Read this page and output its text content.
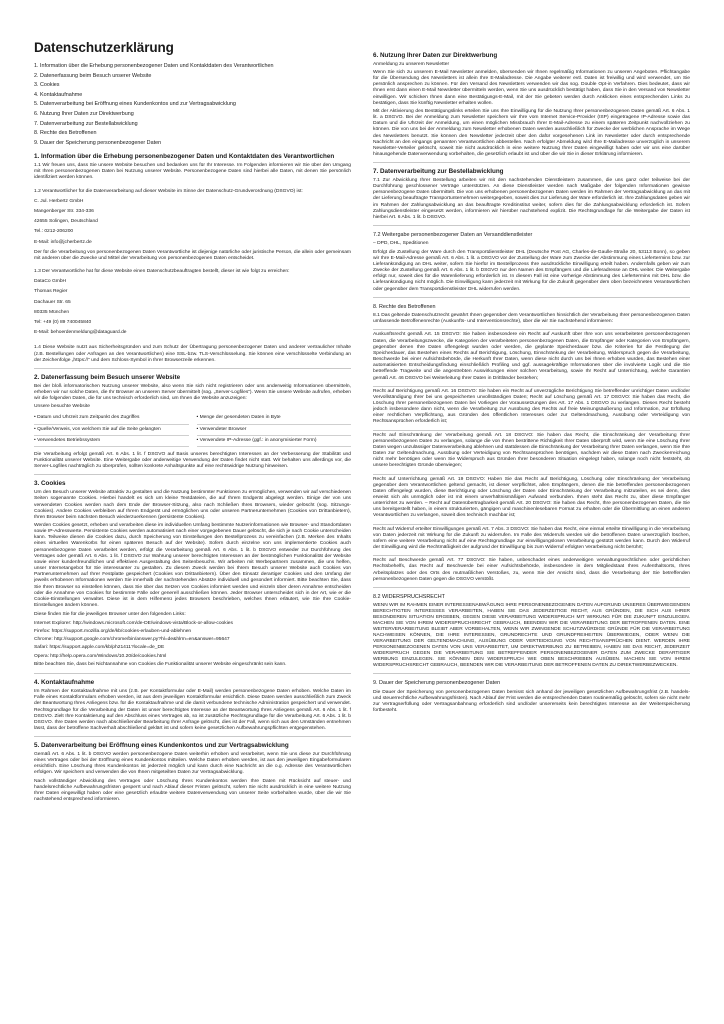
Datenschutzerklärung
1. Information über die Erhebung personenbezogener Daten und Kontaktdaten des Verantwortlichen
2. Datenerfassung beim Besuch unserer Website
3. Cookies
4. Kontaktaufnahme
5. Datenverarbeitung bei Eröffnung eines Kundenkontos und zur Vertragsabwicklung
6. Nutzung Ihrer Daten zur Direktwerbung
7. Datenverarbeitung zur Bestellabwicklung
8. Rechte des Betroffenen
9. Dauer der Speicherung personenbezogener Daten
1. Information über die Erhebung personenbezogener Daten und Kontaktdaten des Verantwortlichen

1.1 Wir freuen uns, dass Sie unsere Website besuchen und bedanken uns für Ihr Interesse. Im Folgenden informieren wir Sie über den Umgang mit Ihren personenbezogenen Daten bei Nutzung unserer Website. Personenbezogene Daten sind hierbei alle Daten, mit denen Sie persönlich identifiziert werden können.

1.2 Verantwortlicher für die Datenverarbeitung auf dieser Website im Sinne der Datenschutz-Grundverordnung (DSGVO) ist:

C. Jul. Herbertz GmbH
Mangenberger Str. 334-336
42655 Solingen, Deutschland
Tel.: 0212-206200
E-Mail: info@jcherbertz.de

Der für die Verarbeitung von personenbezogenen Daten Verantwortliche ist diejenige natürliche oder juristische Person, die allein oder gemeinsam mit anderen über die Zwecke und Mittel der Verarbeitung von personenbezogenen Daten entscheidet.

1.3 Der Verantwortliche hat für diese Website einen Datenschutzbeauftragten bestellt, dieser ist wie folgt zu erreichen:

DataCo GmbH
Thomas Regier
Dachauer Str. 65
80335 München
Tel: +49 (0) 89 740045840
E-Mail: behoerdenmeldung@dataguard.de

1.4 Diese Website nutzt aus Sicherheitsgründen und zum Schutz der Übertragung personenbezogener Daten und anderer vertraulicher Inhalte (z.B. Bestellungen oder Anfragen an den Verantwortlichen) eine SSL-bzw. TLS-Verschlüsselung. Sie können eine verschlüsselte Verbindung an der Zeichenfolge „https://“ und dem Schloss-Symbol in Ihrer Browserzeile erkennen.

2. Datenerfassung beim Besuch unserer Website

Bei der bloß informatorischen Nutzung unserer Website, also wenn Sie sich nicht registrieren oder uns anderweitig Informationen übermitteln, erheben wir nur solche Daten, die Ihr Browser an unseren Server übermittelt (sog. „Server-Logfiles“). Wenn Sie unsere Website aufrufen, erheben wir die folgenden Daten, die für uns technisch erforderlich sind, um Ihnen die Website anzuzeigen:

Unsere besuchte Website

• Datum und Uhrzeit zum Zeitpunkt des Zugriffes	• Menge der gesendeten Daten in Byte
• Quelle/Verweis, von welchem Sie auf die Seite gelangten	• Verwendeter Browser
• Verwendetes Betriebssystem	• Verwendete IP-Adresse (ggf.: in anonymisierter Form)

Die Verarbeitung erfolgt gemäß Art. 6 Abs. 1 lit. f DSGVO auf Basis unseres berechtigten Interesses an der Verbesserung der Stabilität und Funktionalität unserer Website. Eine Weitergabe oder anderweitige Verwendung der Daten findet nicht statt. Wir behalten uns allerdings vor, die Server-Logfiles nachträglich zu überprüfen, sollten konkrete Anhaltspunkte auf eine rechtswidrige Nutzung hinweisen.

3. Cookies

Um den Besuch unserer Website attraktiv zu gestalten und die Nutzung bestimmter Funktionen zu ermöglichen, verwenden wir auf verschiedenen Seiten sogenannte Cookies. Hierbei handelt es sich um kleine Textdateien, die auf Ihrem Endgerät abgelegt werden. Einige der von uns verwendeten Cookies werden nach dem Ende der Browser-Sitzung, also nach Schließen Ihres Browsers, wieder gelöscht (sog. Sitzungs-Cookies). Andere Cookies verbleiben auf Ihrem Endgerät und ermöglichen uns oder unseren Partnerunternehmen (Cookies von Drittanbietern), Ihren Browser beim nächsten Besuch wiederzuerkennen (persistente Cookies).

Werden Cookies gesetzt, erheben und verarbeiten diese im individuellen Umfang bestimmte Nutzerinformationen wie Browser- und Standortdaten sowie IP-Adresswerte. Persistente Cookies werden automatisiert nach einer vorgegebenen Dauer gelöscht, die sich je nach Cookie unterscheiden kann. Teilweise dienen die Cookies dazu, durch Speicherung von Einstellungen den Bestellprozess zu vereinfachen (z.B. Merken des Inhalts eines virtuellen Warenkorbs für einen späteren Besuch auf der Website). Sofern durch einzelne von uns implementierte Cookies auch personenbezogene Daten verarbeitet werden, erfolgt die Verarbeitung gemäß Art. 6 Abs. 1 lit. b DSGVO entweder zur Durchführung des Vertrages oder gemäß Art. 6 Abs. 1 lit. f DSGVO zur Wahrung unserer berechtigten Interessen an der bestmöglichen Funktionalität der Website sowie einer kundenfreundlichen und effektiven Ausgestaltung des Seitenbesuchs. Wir arbeiten mit Werbepartnern zusammen, die uns helfen, unser Internetangebot für Sie interessanter zu gestalten. Zu diesem Zweck werden bei Ihrem Besuch unserer Website auch Cookies von Partnerunternehmen auf Ihrer Festplatte gespeichert (Cookies von Drittanbietern). Über den Einsatz derartiger Cookies und den Umfang der jeweils erhobenen Informationen werden Sie innerhalb der nachstehenden Absätze individuell und gesondert informiert. Bitte beachten Sie, dass Sie Ihren Browser so einstellen können, dass Sie über das Setzen von Cookies informiert werden und einzeln über deren Annahme entscheiden oder die Annahme von Cookies für bestimmte Fälle oder generell ausschließen können. Jeder Browser unterscheidet sich in der Art, wie er die Cookie-Einstellungen verwaltet. Diese ist in dem Hilfemenü jedes Browsers beschrieben, welches Ihnen erläutert, wie Sie Ihre Cookie-Einstellungen ändern können.

Diese finden Sie für die jeweiligen Browser unter den folgenden Links:
Internet Explorer: http://windows.microsoft.com/de-DE/windows-vista/Block-or-allow-cookies
Firefox: https://support.mozilla.org/de/kb/cookies-erlauben-und-ablehnen
Chrome: http://support.google.com/chrome/bin/answer.py?hl=de&hlrm=en&answer=95647
Safari: https://support.apple.com/kb/ph21411?locale=de_DE
Opera: http://help.opera.com/Windows/10.20/de/cookies.html
Bitte beachten Sie, dass bei Nichtannahme von Cookies die Funktionalität unserer Website eingeschränkt sein kann.
4. Kontaktaufnahme

Im Rahmen der Kontaktaufnahme mit uns (z.B. per Kontaktformular oder E-Mail) werden personenbezogene Daten erhoben. Welche Daten im Falle eines Kontaktformulars erhoben werden, ist aus dem jeweiligen Kontaktformular ersichtlich. Diese Daten werden ausschließlich zum Zweck der Beantwortung Ihres Anliegens bzw. für die Kontaktaufnahme und die damit verbundene technische Administration gespeichert und verwendet. Rechtsgrundlage für die Verarbeitung der Daten ist unser berechtigtes Interesse an der Beantwortung Ihres Anliegens gemäß Art. 6 Abs. 1 lit. f DSGVO. Zielt Ihre Kontaktierung auf den Abschluss eines Vertrages ab, so ist zusätzliche Rechtsgrundlage für die Verarbeitung Art. 6 Abs. 1 lit. b DSGVO. Ihre Daten werden nach abschließender Bearbeitung Ihrer Anfrage gelöscht, dies ist der Fall, wenn sich aus den Umständen entnehmen lässt, dass der betroffene Sachverhalt abschließend geklärt ist und sofern keine gesetzlichen Aufbewahrungspflichten entgegenstehen.

5. Datenverarbeitung bei Eröffnung eines Kundenkontos und zur Vertragsabwicklung

Gemäß Art. 6 Abs. 1 lit. b DSGVO werden personenbezogene Daten weiterhin erhoben und verarbeitet, wenn Sie uns diese zur Durchführung eines Vertrages oder bei der Eröffnung eines Kundenkontos mitteilen. Welche Daten erhoben werden, ist aus den jeweiligen Eingabeformularen ersichtlich. Eine Löschung Ihres Kundenkontos ist jederzeit möglich und kann durch eine Nachricht an die o.g. Adresse des Verantwortlichen erfolgen. Wir speichern und verwenden die von Ihnen mitgeteilten Daten zur Vertragsabwicklung.

Nach vollständiger Abwicklung des Vertrages oder Löschung Ihres Kundenkontos werden Ihre Daten mit Rücksicht auf steuer- und handelsrechtliche Aufbewahrungsfristen gesperrt und nach Ablauf dieser Fristen gelöscht, sofern Sie nicht ausdrücklich in eine weitere Nutzung Ihrer Daten eingewilligt haben oder eine gesetzlich erlaubte weitere Datenverwendung von unserer Seite vorbehalten wurde, über die wir Sie nachstehend entsprechend informieren.

6. Nutzung Ihrer Daten zur Direktwerbung

Anmeldung zu unserem Newsletter

Wenn Sie sich zu unserem E-Mail Newsletter anmelden, übersenden wir Ihnen regelmäßig Informationen zu unseren Angeboten. Pflichtangabe für die Übersendung des Newsletters ist allein Ihre E-Mailadresse. Die Angabe weiterer evtl. Daten ist freiwillig und wird verwendet, um Sie persönlich ansprechen zu können. Für den Versand des Newsletters verwenden wir das sog. Double Opt-in Verfahren. Dies bedeutet, dass wir Ihnen erst dann einen E-Mail Newsletter übermitteln werden, wenn Sie uns ausdrücklich bestätigt haben, dass Sie in den Versand von Newsletter einwilligen. Wir schicken Ihnen dann eine Bestätigungs-E-Mail, mit der Sie gebeten werden durch Anklicken eines entsprechenden Links zu bestätigen, dass Sie künftig Newsletter erhalten wollen.

Mit der Aktivierung des Bestätigungslinks erteilen Sie uns Ihre Einwilligung für die Nutzung Ihrer personenbezogenen Daten gemäß Art. 6 Abs. 1 lit. a DSGVO. Bei der Anmeldung zum Newsletter speichern wir Ihre vom Internet Service-Provider (ISP) eingetragene IP-Adresse sowie das Datum und die Uhrzeit der Anmeldung, um einen möglichen Missbrauch Ihrer E-Mail-Adresse zu einem späteren Zeitpunkt nachvollziehen zu können. Die von uns bei der Anmeldung zum Newsletter erhobenen Daten werden ausschließlich für Zwecke der werblichen Ansprache im Wege des Newsletters benutzt. Sie können den Newsletter jederzeit über den dafür vorgesehenen Link im Newsletter oder durch entsprechende Nachricht an den eingangs genannten Verantwortlichen abbestellen. Nach erfolgter Abmeldung wird Ihre E-Mailadresse unverzüglich in unserem Newsletter-Verteiler gelöscht, soweit Sie nicht ausdrücklich in eine weitere Nutzung Ihrer Daten eingewilligt haben oder wir uns eine darüber hinausgehende Datenverwendung vorbehalten, die gesetzlich erlaubt ist und über die wir Sie in dieser Erklärung informieren.

7. Datenverarbeitung zur Bestellabwicklung

7.1 Zur Abwicklung Ihrer Bestellung arbeiten wir mit den nachstehenden Dienstleistern zusammen, die uns ganz oder teilweise bei der Durchführung geschlossener Verträge unterstützen. An diese Dienstleister werden nach Maßgabe der folgenden Informationen gewisse personenbezogene Daten übermittelt. Die von uns erhobenen personenbezogenen Daten werden im Rahmen der Vertragsabwicklung an das mit der Lieferung beauftragte Transportunternehmen weitergegeben, soweit dies zur Lieferung der Ware erforderlich ist. Ihre Zahlungsdaten geben wir im Rahmen der Zahlungsabwicklung an das beauftragte Kreditinstitut weiter, sofern dies für die Zahlungsabwicklung erforderlich ist. Sofern Zahlungsdienstleister eingesetzt werden, informieren wir hierüber nachstehend explizit. Die Rechtsgrundlage für die Weitergabe der Daten ist hierbei Art. 6 Abs. 1 lit. b DSGVO.

7.2 Weitergabe personenbezogener Daten an Versanddienstleister

– DPD, DHL, Speditionen

Erfolgt die Zustellung der Ware durch den Transportdienstleister DHL (Deutsche Post AG, Charles-de-Gaulle-Straße 20, 53113 Bonn), so geben wir Ihre E-Mail-Adresse gemäß Art. 6 Abs. 1 lit. a DSGVO vor der Zustellung der Ware zum Zwecke der Abstimmung eines Liefertermins bzw. zur Lieferankündigung an DHL weiter, sofern Sie hierfür im Bestellprozess Ihre ausdrückliche Einwilligung erteilt haben. Andernfalls geben wir zum Zwecke der Zustellung gemäß Art. 6 Abs. 1 lit. b DSGVO nur den Namen des Empfängers und die Lieferadresse an DHL weiter. Die Weitergabe erfolgt nur, soweit dies für die Warenlieferung erforderlich ist. In diesem Fall ist eine vorherige Abstimmung des Liefertermins mit DHL bzw. die Lieferankündigung nicht möglich. Die Einwilligung kann jederzeit mit Wirkung für die Zukunft gegenüber dem oben bezeichneten Verantwortlichen oder gegenüber dem Transportdienstleister DHL widerrufen werden.

8. Rechte des Betroffenen

8.1 Das geltende Datenschutzrecht gewährt Ihnen gegenüber dem Verantwortlichen hinsichtlich der Verarbeitung Ihrer personenbezogenen Daten umfassende Betroffenenrechte (Auskunfts- und Interventionsrechte), über die wir Sie nachstehend informieren:

Auskunftsrecht gemäß Art. 15 DSGVO: Sie haben insbesondere ein Recht auf Auskunft über Ihre von uns verarbeiteten personenbezogenen Daten, die Verarbeitungszwecke, die Kategorien der verarbeiteten personenbezogenen Daten, die Empfänger oder Kategorien von Empfängern, gegenüber denen Ihre Daten offengelegt wurden oder werden, die geplante Speicherdauer bzw. die Kriterien für die Festlegung der Speicherdauer, das Bestehen eines Rechts auf Berichtigung, Löschung, Einschränkung der Verarbeitung, Widerspruch gegen die Verarbeitung, Beschwerde bei einer Aufsichtsbehörde, die Herkunft Ihrer Daten, wenn diese nicht durch uns bei Ihnen erhoben wurden, das Bestehen einer automatisierten Entscheidungsfindung einschließlich Profiling und ggf. aussagekräftige Informationen über die involvierte Logik und die Sie betreffende Tragweite und die angestrebten Auswirkungen einer solchen Verarbeitung, sowie Ihr Recht auf Unterrichtung, welche Garantien gemäß Art. 46 DSGVO bei Weiterleitung Ihrer Daten in Drittländer bestehen;

Recht auf Berichtigung gemäß Art. 16 DSGVO: Sie haben ein Recht auf unverzügliche Berichtigung Sie betreffender unrichtiger Daten und/oder Vervollständigung Ihrer bei uns gespeicherten unvollständigen Daten; Recht auf Löschung gemäß Art. 17 DSGVO: Sie haben das Recht, die Löschung Ihrer personenbezogenen Daten bei Vorliegen der Voraussetzungen des Art. 17 Abs. 1 DSGVO zu verlangen. Dieses Recht besteht jedoch insbesondere dann nicht, wenn die Verarbeitung zur Ausübung des Rechts auf freie Meinungsäußerung und Information, zur Erfüllung einer rechtlichen Verpflichtung, aus Gründen des öffentlichen Interesses oder zur Geltendmachung, Ausübung oder Verteidigung von Rechtsansprüchen erforderlich ist;

Recht auf Einschränkung der Verarbeitung gemäß Art. 18 DSGVO: Sie haben das Recht, die Einschränkung der Verarbeitung Ihrer personenbezogenen Daten zu verlangen, solange die von Ihnen bestrittene Richtigkeit Ihrer Daten überprüft wird, wenn Sie eine Löschung Ihrer Daten wegen unzulässiger Datenverarbeitung ablehnen und stattdessen die Einschränkung der Verarbeitung Ihrer Daten verlangen, wenn Sie Ihre Daten zur Geltendmachung, Ausübung oder Verteidigung von Rechtsansprüchen benötigen, nachdem wir diese Daten nach Zweckerreichung nicht mehr benötigen oder wenn Sie Widerspruch aus Gründen Ihrer besonderen Situation eingelegt haben, solange noch nicht feststeht, ob unsere berechtigten Gründe überwiegen;

Recht auf Unterrichtung gemäß Art. 19 DSGVO: Haben Sie das Recht auf Berichtigung, Löschung oder Einschränkung der Verarbeitung gegenüber dem Verantwortlichen geltend gemacht, ist dieser verpflichtet, allen Empfängern, denen die Sie betreffenden personenbezogenen Daten offengelegt wurden, diese Berichtigung oder Löschung der Daten oder Einschränkung der Verarbeitung mitzuteilen, es sei denn, dies erweist sich als unmöglich oder ist mit einem unverhältnismäßigen Aufwand verbunden. Ihnen steht das Recht zu, über diese Empfänger unterrichtet zu werden. – Recht auf Datenübertragbarkeit gemäß Art. 20 DSGVO: Sie haben das Recht, Ihre personenbezogenen Daten, die Sie uns bereitgestellt haben, in einem strukturierten, gängigen und maschinenlesebaren Format zu erhalten oder die Übermittlung an einen anderen Verantwortlichen zu verlangen, soweit dies technisch machbar ist;

Recht auf Widerruf erteilter Einwilligungen gemäß Art. 7 Abs. 3 DSGVO: Sie haben das Recht, eine einmal erteilte Einwilligung in die Verarbeitung von Daten jederzeit mit Wirkung für die Zukunft zu widerrufen. Im Falle des Widerrufs werden wir die betroffenen Daten unverzüglich löschen, sofern eine weitere Verarbeitung nicht auf eine Rechtsgrundlage zur einwilligungslosen Verarbeitung gestützt werden kann. Durch den Widerruf der Einwilligung wird die Rechtmäßigkeit der aufgrund der Einwilligung bis zum Widerruf erfolgten Verarbeitung nicht berührt;

Recht auf Beschwerde gemäß Art. 77 DSGVO: Sie haben, unbeschadet eines anderweitigen verwaltungsrechtlichen oder gerichtlichen Rechtsbehelfs, das Recht auf Beschwerde bei einer Aufsichtsbehörde, insbesondere in dem Mitgliedstaat Ihres Aufenthaltsorts, Ihres Arbeitsplatzes oder des Orts des mutmaßlichen Verstoßes, zu, wenn Sie der Ansicht sind, dass die Verarbeitung der Sie betreffenden personenbezogenen Daten gegen die DSGVO verstößt.

8.2 WIDERSPRUCHSRECHT

WENN WIR IM RAHMEN EINER INTERESSENABWÄGUNG IHRE PERSONENBEZOGENEN DATEN AUFGRUND UNSERES ÜBERWIEGENDEN BERECHTIGTEN INTERESSES VERARBEITEN, HABEN SIE DAS JEDERZEITIGE RECHT, AUS GRÜNDEN, DIE SICH AUS IHRER BESONDEREN SITUATION ERGEBEN, GEGEN DIESE VERARBEITUNG WIDERSPRUCH MIT WIRKUNG FÜR DIE ZUKUNFT EINZULEGEN. MACHEN SIE VON IHREM WIDERSPRUCHSRECHT GEBRAUCH, BEENDEN WIR DIE VERARBEITUNG DER BETROFFENEN DATEN. EINE WEITERVERARBEITUNG BLEIBT ABER VORBEHALTEN, WENN WIR ZWINGENDE SCHUTZWÜRDIGE GRÜNDE FÜR DIE VERARBEITUNG NACHWEISEN KÖNNEN, DIE IHRE INTERESSEN, GRUNDRECHTE UND GRUNDFREIHEITEN ÜBERWIEGEN, ODER WENN DIE VERARBEITUNG DER GELTENDMACHUNG, AUSÜBUNG ODER VERTEIDIGUNG VON RECHTSANSPRÜCHEN DIENT. WERDEN IHRE PERSONENBEZOGENEN DATEN VON UNS VERARBEITET, UM DIREKTWERBUNG ZU BETREIBEN, HABEN SIE DAS RECHT, JEDERZEIT WIDERSPRUCH GEGEN DIE VERARBEITUNG SIE BETREFFENDER PERSONENBEZOGENER DATEN ZUM ZWECKE DERARTIGER WERBUNG EINZULEGEN. SIE KÖNNEN DEN WIDERSPRUCH WIE OBEN BESCHRIEBEN AUSÜBEN. MACHEN SIE VON IHREM WIDERSPRUCHSRECHT GEBRAUCH, BEENDEN WIR DIE VERARBEITUNG DER BETROFFENEN DATEN ZU DIREKTWERBEZWECKEN.

9. Dauer der Speicherung personenbezogener Daten

Die Dauer der Speicherung von personenbezogenen Daten bemisst sich anhand der jeweiligen gesetzlichen Aufbewahrungsfrist (z.B. handels- und steuerrechtliche Aufbewahrungsfristen). Nach Ablauf der Frist werden die entsprechenden Daten routinemäßig gelöscht, sofern sie nicht mehr zur Vertragserfüllung oder Vertragsanbahnung erforderlich sind und/oder unsererseits kein berechtigtes Interesse an der Weiterspeicherung fortbesteht.
